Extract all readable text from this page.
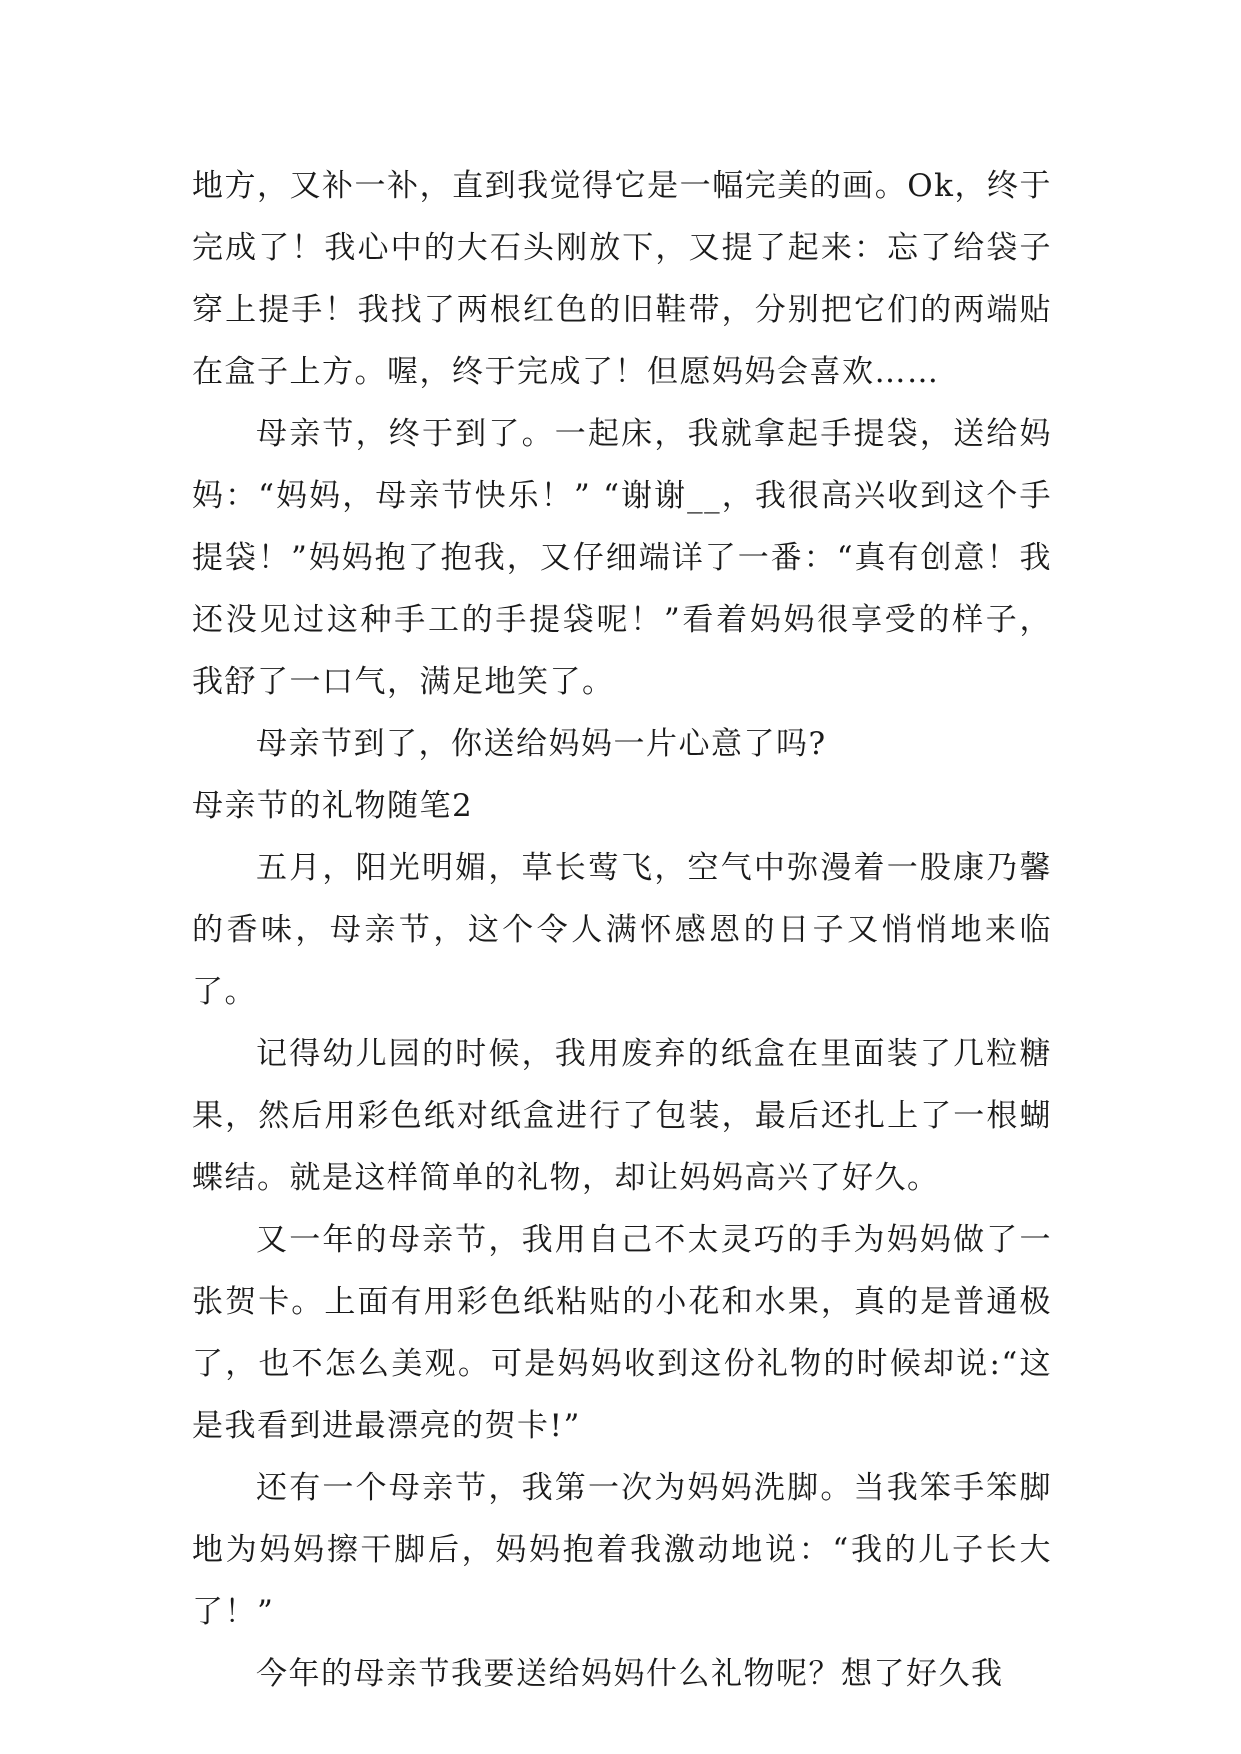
地方，又补一补，直到我觉得它是一幅完美的画。Ok，终于完成了！我心中的大石头刚放下，又提了起来：忘了给袋子穿上提手！我找了两根红色的旧鞋带，分别把它们的两端贴在盒子上方。喔，终于完成了！但愿妈妈会喜欢……

母亲节，终于到了。一起床，我就拿起手提袋，送给妈妈：“妈妈，母亲节快乐！” “谢谢__，我很高兴收到这个手提袋！”妈妈抱了抱我，又仔细端详了一番：“真有创意！我还没见过这种手工的手提袋呢！”看着妈妈很享受的样子，我舒了一口气，满足地笑了。

母亲节到了，你送给妈妈一片心意了吗?

母亲节的礼物随笔2

五月，阳光明媚，草长莺飞，空气中弥漫着一股康乃馨的香味，母亲节，这个令人满怀感恩的日子又悄悄地来临了。

记得幼儿园的时候，我用废弃的纸盒在里面装了几粒糖果，然后用彩色纸对纸盒进行了包装，最后还扎上了一根蝴蝶结。就是这样简单的礼物，却让妈妈高兴了好久。

又一年的母亲节，我用自己不太灵巧的手为妈妈做了一张贺卡。上面有用彩色纸粘贴的小花和水果，真的是普通极了，也不怎么美观。可是妈妈收到这份礼物的时候却说:“这是我看到进最漂亮的贺卡!”

还有一个母亲节，我第一次为妈妈洗脚。当我笨手笨脚地为妈妈擦干脚后，妈妈抱着我激动地说：“我的儿子长大了！”

今年的母亲节我要送给妈妈什么礼物呢？想了好久我
